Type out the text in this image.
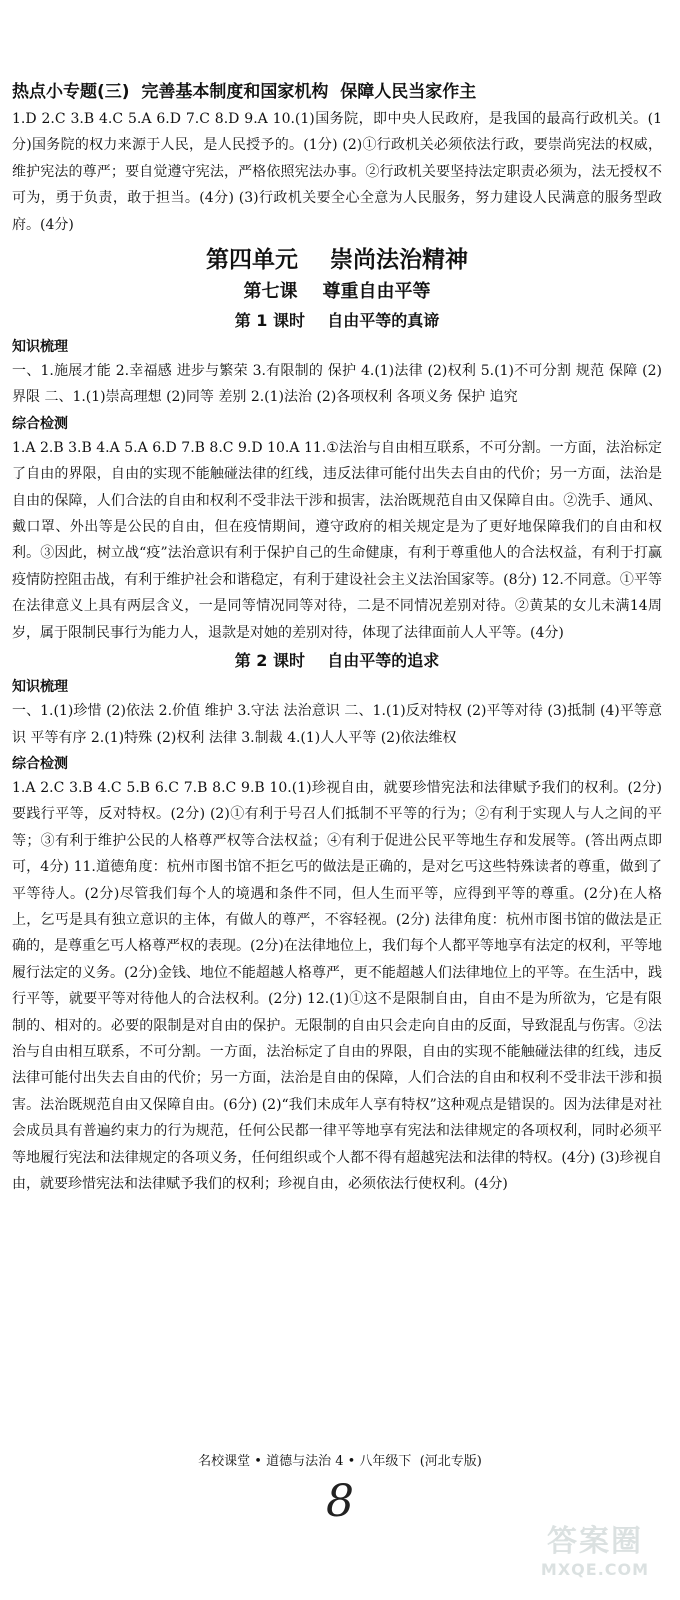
热点小专题(三)  完善基本制度和国家机构  保障人民当家作主

1.D 2.C 3.B 4.C 5.A 6.D 7.C 8.D 9.A 10.(1)国务院，即中央人民政府，是我国的最高行政机关。(1分)国务院的权力来源于人民，是人民授予的。(1分) (2)①行政机关必须依法行政，要崇尚宪法的权威，维护宪法的尊严；要自觉遵守宪法，严格依照宪法办事。②行政机关要坚持法定职责必须为，法无授权不可为，勇于负责，敢于担当。(4分) (3)行政机关要全心全意为人民服务，努力建设人民满意的服务型政府。(4分)

第四单元    崇尚法治精神
第七课    尊重自由平等
第 1 课时    自由平等的真谛
知识梳理

一、1.施展才能 2.幸福感 进步与繁荣 3.有限制的 保护 4.(1)法律 (2)权利 5.(1)不可分割 规范 保障 (2)界限 二、1.(1)崇高理想 (2)同等 差别 2.(1)法治 (2)各项权利 各项义务 保护 追究

综合检测

1.A 2.B 3.B 4.A 5.A 6.D 7.B 8.C 9.D 10.A 11.①法治与自由相互联系，不可分割。一方面，法治标定了自由的界限，自由的实现不能触碰法律的红线，违反法律可能付出失去自由的代价；另一方面，法治是自由的保障，人们合法的自由和权利不受非法干涉和损害，法治既规范自由又保障自由。②洗手、通风、戴口罩、外出等是公民的自由，但在疫情期间，遵守政府的相关规定是为了更好地保障我们的自由和权利。③因此，树立战“疫”法治意识有利于保护自己的生命健康，有利于尊重他人的合法权益，有利于打赢疫情防控阻击战，有利于维护社会和谐稳定，有利于建设社会主义法治国家等。(8分) 12.不同意。①平等在法律意义上具有两层含义，一是同等情况同等对待，二是不同情况差别对待。②黄某的女儿未满14周岁，属于限制民事行为能力人，退款是对她的差别对待，体现了法律面前人人平等。(4分)

第 2 课时    自由平等的追求
知识梳理

一、1.(1)珍惜 (2)依法 2.价值 维护 3.守法 法治意识 二、1.(1)反对特权 (2)平等对待 (3)抵制 (4)平等意识 平等有序 2.(1)特殊 (2)权利 法律 3.制裁 4.(1)人人平等 (2)依法维权

综合检测

1.A 2.C 3.B 4.C 5.B 6.C 7.B 8.C 9.B 10.(1)珍视自由，就要珍惜宪法和法律赋予我们的权利。(2分) 要践行平等，反对特权。(2分) (2)①有利于号召人们抵制不平等的行为；②有利于实现人与人之间的平等；③有利于维护公民的人格尊严权等合法权益；④有利于促进公民平等地生存和发展等。(答出两点即可，4分) 11.道德角度：杭州市图书馆不拒乞丐的做法是正确的，是对乞丐这些特殊读者的尊重，做到了平等待人。(2分)尽管我们每个人的境遇和条件不同，但人生而平等，应得到平等的尊重。(2分)在人格上，乞丐是具有独立意识的主体，有做人的尊严，不容轻视。(2分) 法律角度：杭州市图书馆的做法是正确的，是尊重乞丐人格尊严权的表现。(2分)在法律地位上，我们每个人都平等地享有法定的权利，平等地履行法定的义务。(2分)金钱、地位不能超越人格尊严，更不能超越人们法律地位上的平等。在生活中，践行平等，就要平等对待他人的合法权利。(2分) 12.(1)①这不是限制自由，自由不是为所欲为，它是有限制的、相对的。必要的限制是对自由的保护。无限制的自由只会走向自由的反面，导致混乱与伤害。②法治与自由相互联系，不可分割。一方面，法治标定了自由的界限，自由的实现不能触碰法律的红线，违反法律可能付出失去自由的代价；另一方面，法治是自由的保障，人们合法的自由和权利不受非法干涉和损害。法治既规范自由又保障自由。(6分) (2)“我们未成年人享有特权”这种观点是错误的。因为法律是对社会成员具有普遍约束力的行为规范，任何公民都一律平等地享有宪法和法律规定的各项权利，同时必须平等地履行宪法和法律规定的各项义务，任何组织或个人都不得有超越宪法和法律的特权。(4分) (3)珍视自由，就要珍惜宪法和法律赋予我们的权利；珍视自由，必须依法行使权利。(4分)

名校课堂 • 道德与法治 4 • 八年级下  (河北专版)
8
答案圈
MXQE.COM
